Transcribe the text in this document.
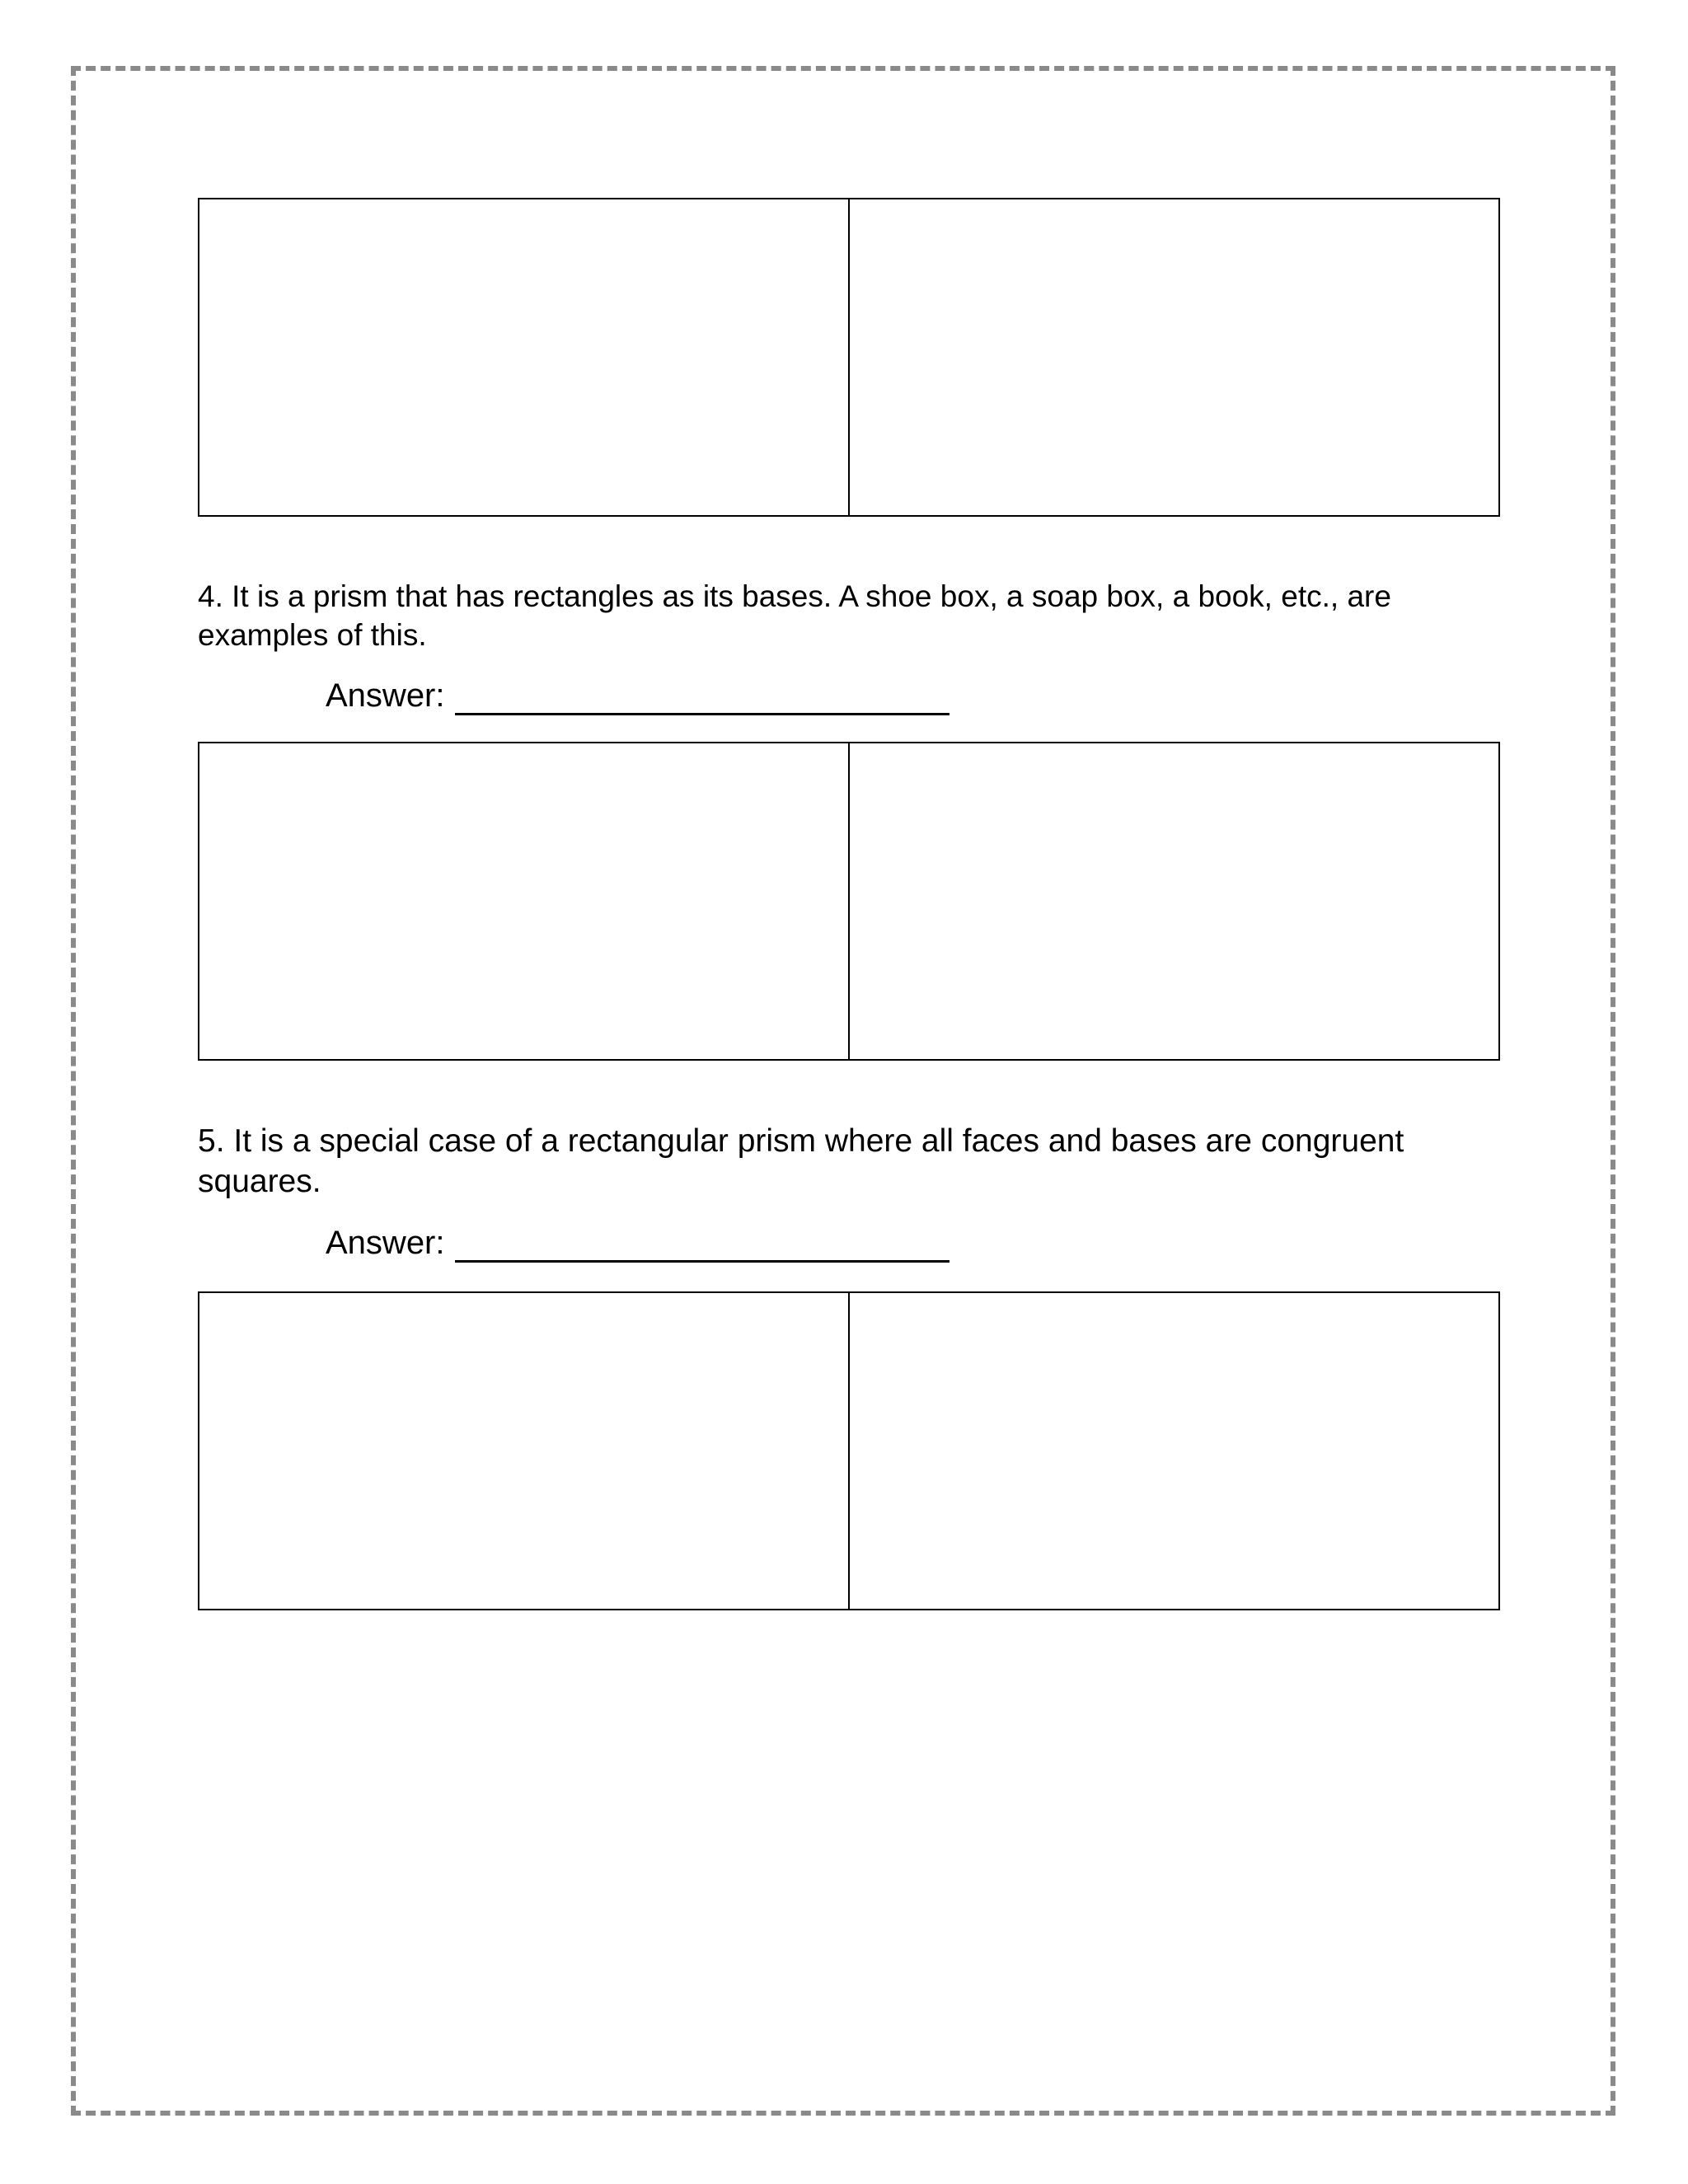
4. It is a prism that has rectangles as its bases. A shoe box, a soap box, a book, etc., are examples of this.

Answer:

5. It is a special case of a rectangular prism where all faces and bases are congruent squares.

Answer:
